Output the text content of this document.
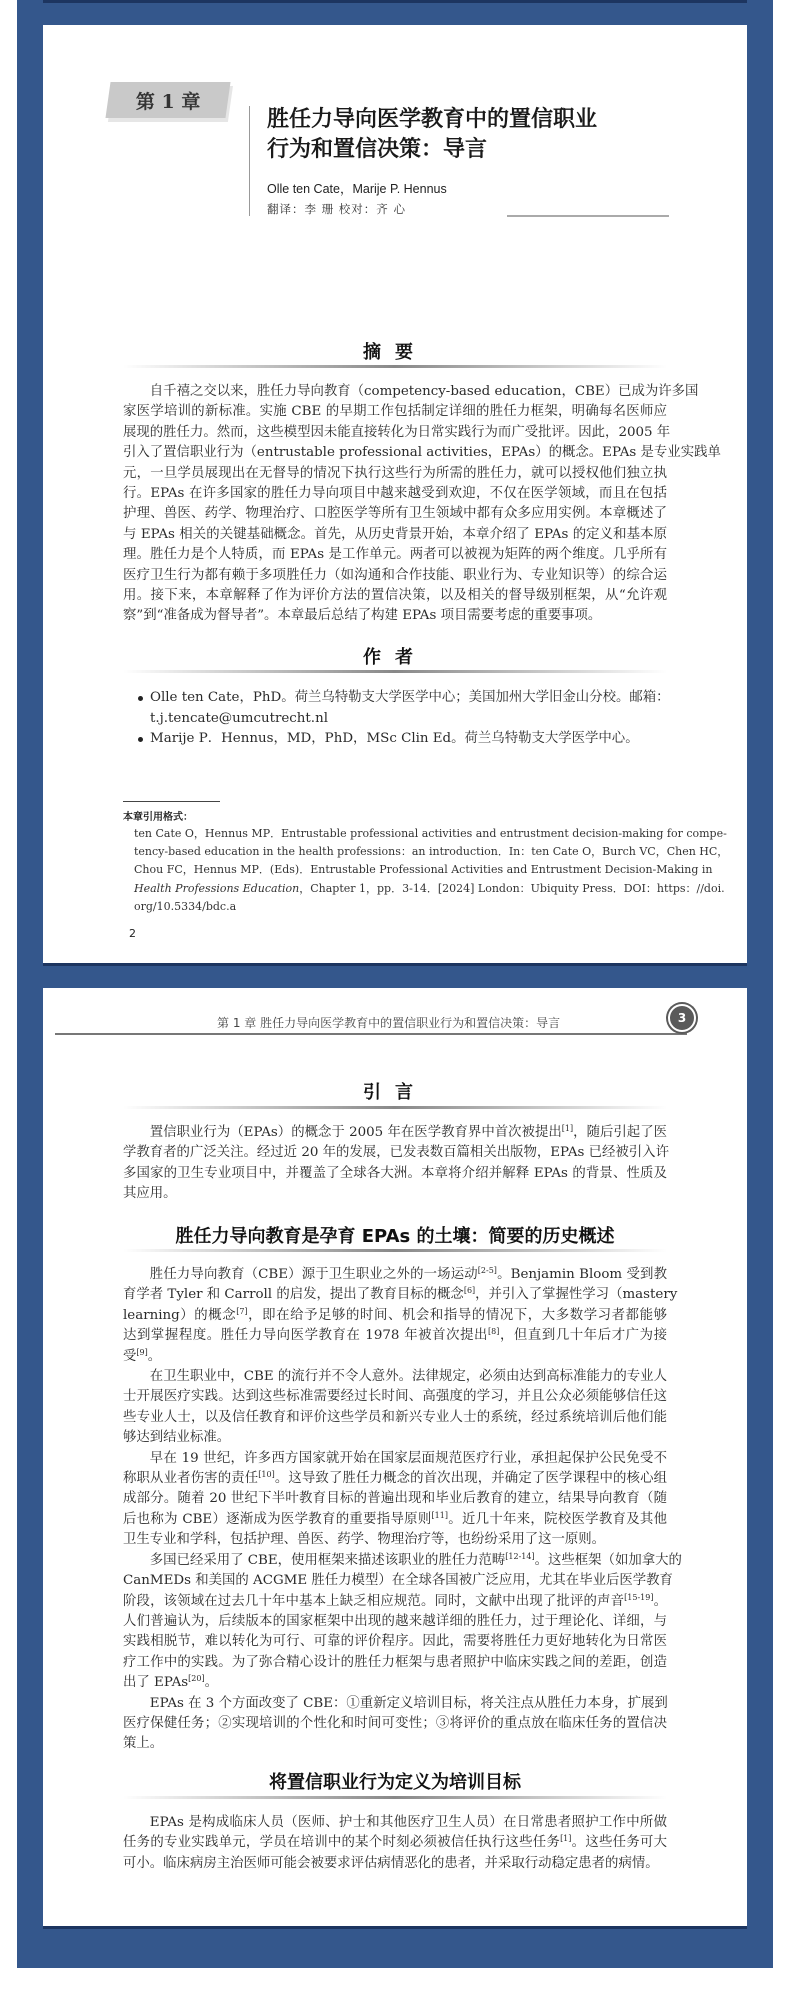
第 1 章
胜任力导向医学教育中的置信职业
行为和置信决策：导言
Olle ten Cate，Marije P. Hennus
翻译：李 珊 校对：齐 心
摘要
自千禧之交以来，胜任力导向教育（competency-based education，CBE）已成为许多国
家医学培训的新标准。实施 CBE 的早期工作包括制定详细的胜任力框架，明确每名医师应
展现的胜任力。然而，这些模型因未能直接转化为日常实践行为而广受批评。因此，2005 年
引入了置信职业行为（entrustable professional activities，EPAs）的概念。EPAs 是专业实践单
元，一旦学员展现出在无督导的情况下执行这些行为所需的胜任力，就可以授权他们独立执
行。EPAs 在许多国家的胜任力导向项目中越来越受到欢迎，不仅在医学领域，而且在包括
护理、兽医、药学、物理治疗、口腔医学等所有卫生领域中都有众多应用实例。本章概述了
与 EPAs 相关的关键基础概念。首先，从历史背景开始，本章介绍了 EPAs 的定义和基本原
理。胜任力是个人特质，而 EPAs 是工作单元。两者可以被视为矩阵的两个维度。几乎所有
医疗卫生行为都有赖于多项胜任力（如沟通和合作技能、职业行为、专业知识等）的综合运
用。接下来，本章解释了作为评价方法的置信决策，以及相关的督导级别框架，从“允许观
察”到“准备成为督导者”。本章最后总结了构建 EPAs 项目需要考虑的重要事项。
作者
Olle ten Cate，PhD。荷兰乌特勒支大学医学中心；美国加州大学旧金山分校。邮箱：
t.j.tencate@umcutrecht.nl
Marije P．Hennus，MD，PhD，MSc Clin Ed。荷兰乌特勒支大学医学中心。
本章引用格式：
ten Cate O，Hennus MP．Entrustable professional activities and entrustment decision-making for compe-
tency-based education in the health professions：an introduction．In：ten Cate O，Burch VC，Chen HC，
Chou FC，Hennus MP．(Eds)．Entrustable Professional Activities and Entrustment Decision-Making in
Health Professions Education，Chapter 1，pp．3-14．[2024] London：Ubiquity Press．DOI：https：//doi.
org/10.5334/bdc.a
2
第 1 章 胜任力导向医学教育中的置信职业行为和置信决策：导言	3
引言
置信职业行为（EPAs）的概念于 2005 年在医学教育界中首次被提出[1]，随后引起了医
学教育者的广泛关注。经过近 20 年的发展，已发表数百篇相关出版物，EPAs 已经被引入许
多国家的卫生专业项目中，并覆盖了全球各大洲。本章将介绍并解释 EPAs 的背景、性质及
其应用。
胜任力导向教育是孕育 EPAs 的土壤：简要的历史概述
胜任力导向教育（CBE）源于卫生职业之外的一场运动[2-5]。Benjamin Bloom 受到教
育学者 Tyler 和 Carroll 的启发，提出了教育目标的概念[6]，并引入了掌握性学习（mastery
learning）的概念[7]，即在给予足够的时间、机会和指导的情况下，大多数学习者都能够
达到掌握程度。胜任力导向医学教育在 1978 年被首次提出[8]，但直到几十年后才广为接
受[9]。
在卫生职业中，CBE 的流行并不令人意外。法律规定，必须由达到高标准能力的专业人
士开展医疗实践。达到这些标准需要经过长时间、高强度的学习，并且公众必须能够信任这
些专业人士，以及信任教育和评价这些学员和新兴专业人士的系统，经过系统培训后他们能
够达到结业标准。
早在 19 世纪，许多西方国家就开始在国家层面规范医疗行业，承担起保护公民免受不
称职从业者伤害的责任[10]。这导致了胜任力概念的首次出现，并确定了医学课程中的核心组
成部分。随着 20 世纪下半叶教育目标的普遍出现和毕业后教育的建立，结果导向教育（随
后也称为 CBE）逐渐成为医学教育的重要指导原则[11]。近几十年来，院校医学教育及其他
卫生专业和学科，包括护理、兽医、药学、物理治疗等，也纷纷采用了这一原则。
多国已经采用了 CBE，使用框架来描述该职业的胜任力范畴[12-14]。这些框架（如加拿大的
CanMEDs 和美国的 ACGME 胜任力模型）在全球各国被广泛应用，尤其在毕业后医学教育
阶段，该领域在过去几十年中基本上缺乏相应规范。同时，文献中出现了批评的声音[15-19]。
人们普遍认为，后续版本的国家框架中出现的越来越详细的胜任力，过于理论化、详细，与
实践相脱节，难以转化为可行、可靠的评价程序。因此，需要将胜任力更好地转化为日常医
疗工作中的实践。为了弥合精心设计的胜任力框架与患者照护中临床实践之间的差距，创造
出了 EPAs[20]。
EPAs 在 3 个方面改变了 CBE：①重新定义培训目标，将关注点从胜任力本身，扩展到
医疗保健任务；②实现培训的个性化和时间可变性；③将评价的重点放在临床任务的置信决
策上。
将置信职业行为定义为培训目标
EPAs 是构成临床人员（医师、护士和其他医疗卫生人员）在日常患者照护工作中所做
任务的专业实践单元，学员在培训中的某个时刻必须被信任执行这些任务[1]。这些任务可大
可小。临床病房主治医师可能会被要求评估病情恶化的患者，并采取行动稳定患者的病情。
